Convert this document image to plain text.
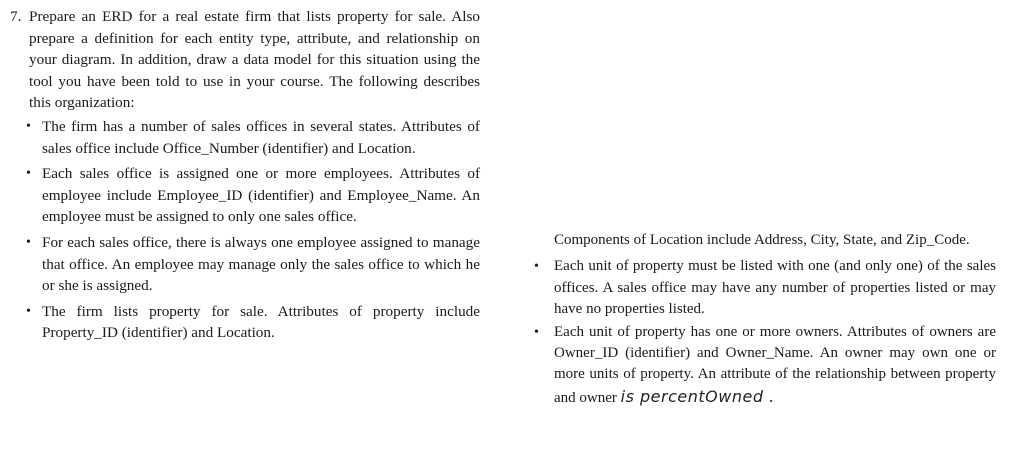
7. Prepare an ERD for a real estate firm that lists property for sale. Also prepare a definition for each entity type, attribute, and relationship on your diagram. In addition, draw a data model for this situation using the tool you have been told to use in your course. The following describes this organization:
• The firm has a number of sales offices in several states. Attributes of sales office include Office_Number (identifier) and Location.
• Each sales office is assigned one or more employees. Attributes of employee include Employee_ID (identifier) and Employee_Name. An employee must be assigned to only one sales office.
• For each sales office, there is always one employee assigned to manage that office. An employee may manage only the sales office to which he or she is assigned.
• The firm lists property for sale. Attributes of property include Property_ID (identifier) and Location.
Components of Location include Address, City, State, and Zip_Code.
•	Each unit of property must be listed with one (and only one) of the sales offices. A sales office may have any number of properties listed or may have no properties listed.
•	Each unit of property has one or more owners. Attributes of owners are Owner_ID (identifier) and Owner_Name. An owner may own one or more units of property. An attribute of the relationship between property and owner is percentOwned .
